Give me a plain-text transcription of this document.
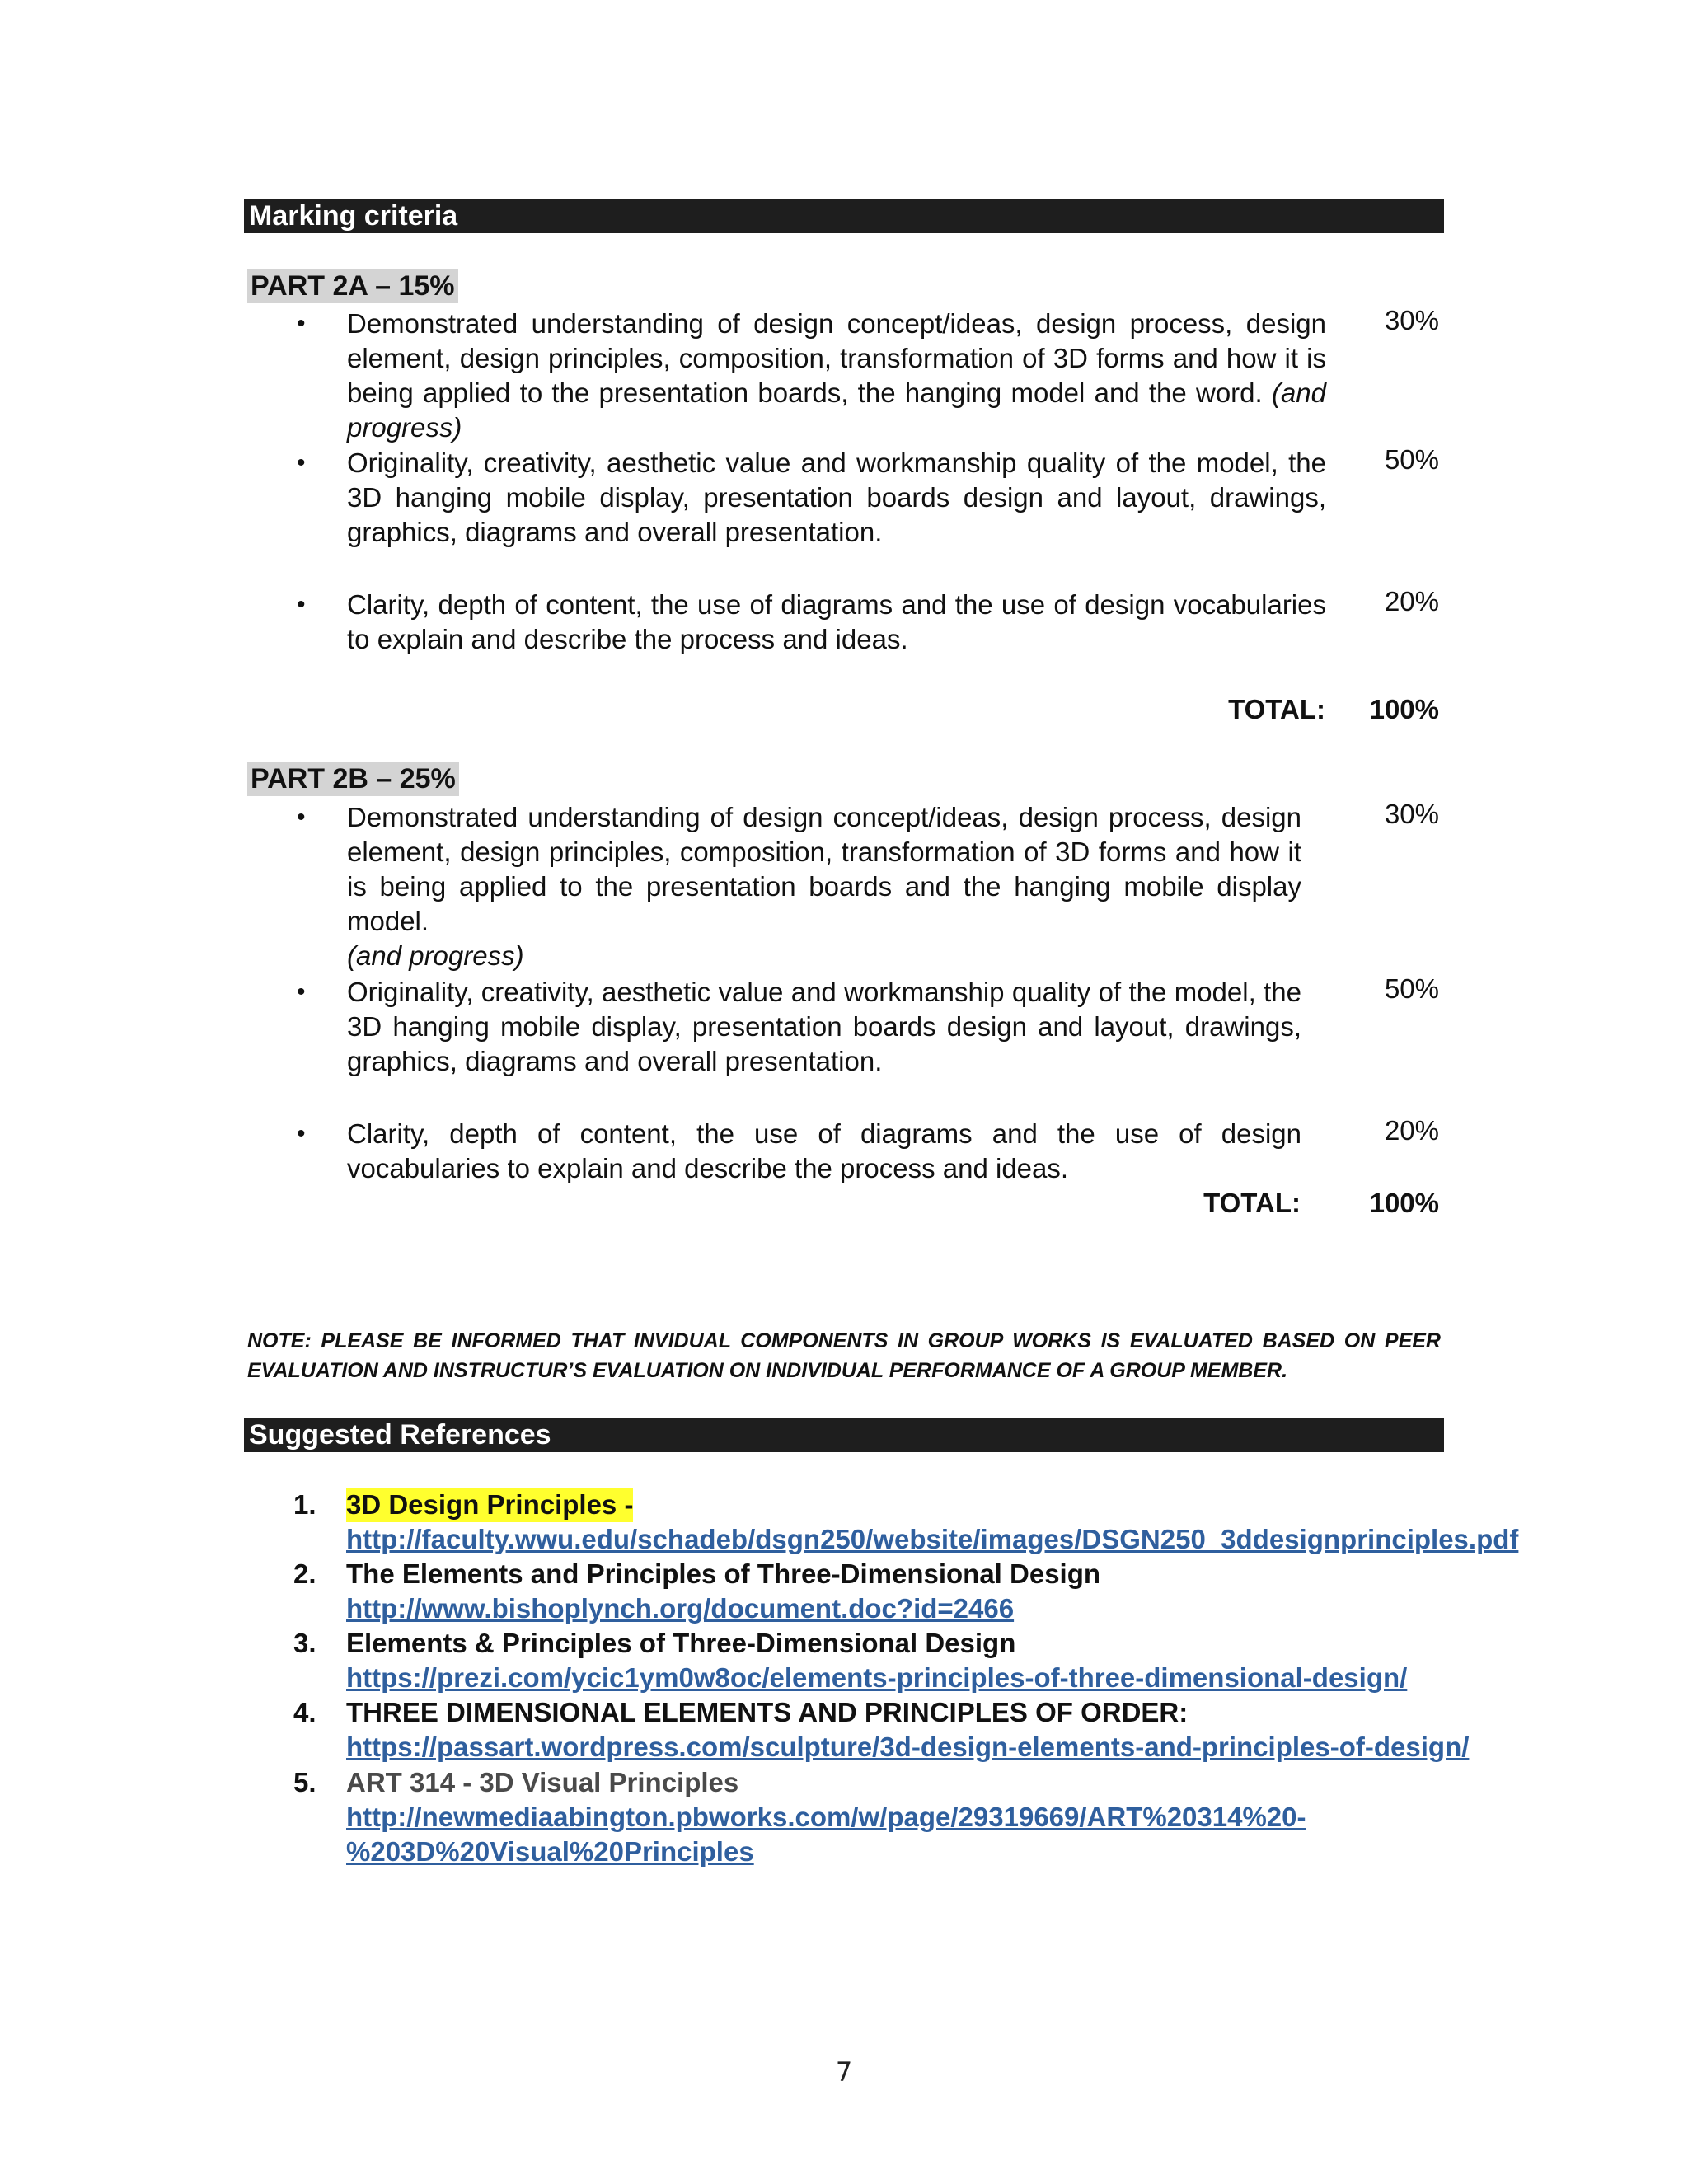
Marking criteria
PART 2A – 15%
• Demonstrated understanding of design concept/ideas, design process, design element, design principles, composition, transformation of 3D forms and how it is being applied to the presentation boards, the hanging model and the word. (and progress)
30%
• Originality, creativity, aesthetic value and workmanship quality of the model, the 3D hanging mobile display, presentation boards design and layout, drawings, graphics, diagrams and overall presentation.
50%
• Clarity, depth of content, the use of diagrams and the use of design vocabularies to explain and describe the process and ideas.
20%
TOTAL: 100%
PART 2B – 25%
• Demonstrated understanding of design concept/ideas, design process, design element, design principles, composition, transformation of 3D forms and how it is being applied to the presentation boards and the hanging mobile display model.
(and progress)
30%
• Originality, creativity, aesthetic value and workmanship quality of the model, the 3D hanging mobile display, presentation boards design and layout, drawings, graphics, diagrams and overall presentation.
50%
• Clarity, depth of content, the use of diagrams and the use of design vocabularies to explain and describe the process and ideas.
20%
TOTAL:	100%
NOTE: PLEASE BE INFORMED THAT INVIDUAL COMPONENTS IN GROUP WORKS IS EVALUATED BASED ON PEER EVALUATION AND INSTRUCTUR’S EVALUATION ON INDIVIDUAL PERFORMANCE OF A GROUP MEMBER.
Suggested References
1. 3D Design Principles -
http://faculty.wwu.edu/schadeb/dsgn250/website/images/DSGN250_3ddesignprinciples.pdf
2. The Elements and Principles of Three-Dimensional Design
http://www.bishoplynch.org/document.doc?id=2466
3. Elements & Principles of Three-Dimensional Design
https://prezi.com/ycic1ym0w8oc/elements-principles-of-three-dimensional-design/
4. THREE DIMENSIONAL ELEMENTS AND PRINCIPLES OF ORDER:
https://passart.wordpress.com/sculpture/3d-design-elements-and-principles-of-design/
5. ART 314 - 3D Visual Principles
http://newmediaabington.pbworks.com/w/page/29319669/ART%20314%20-
%203D%20Visual%20Principles
7
